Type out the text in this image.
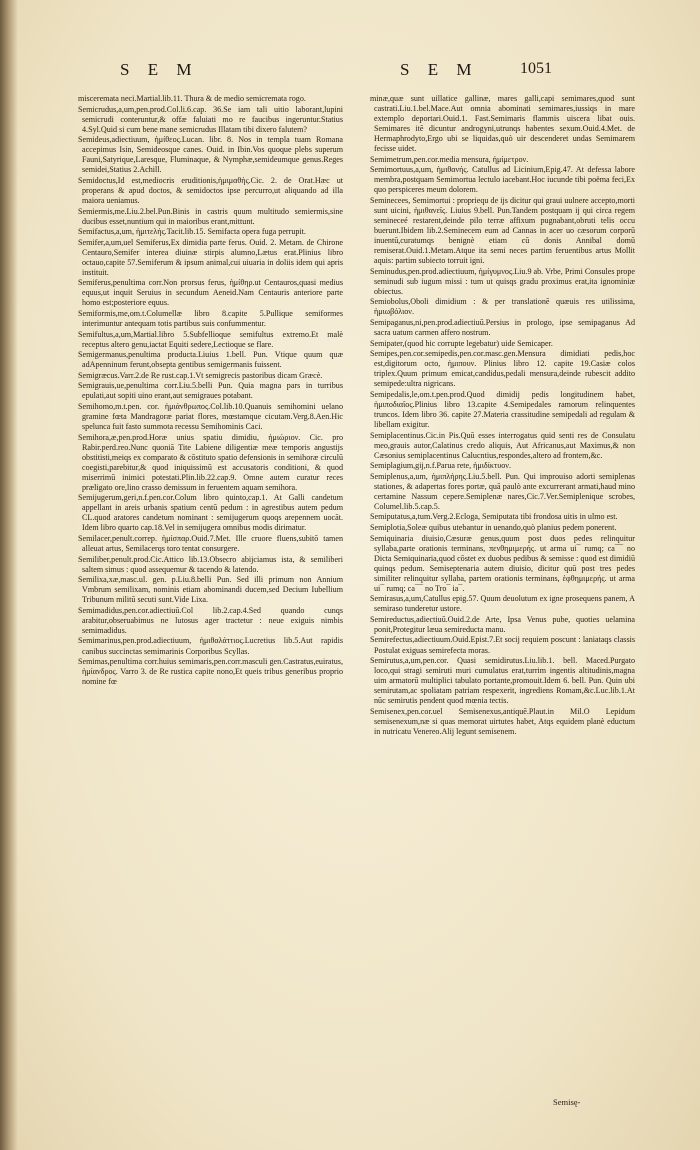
S E M	S E M	1051

misceremata neci.Martial.lib.11. Thura & de medio semicremata rogo.

Semicrudus,a,um,pen.prod.Col.li.6.cap. 36.Se iam tali uitio laborant,lupini semicrudi conteruntur,& offæ faluiati mo re faucibus ingeruntur.Statius 4.Syl.Quid si cum bene mane semicrudus Illatam tibi dixero falutem?

Semideus,adiectiuum, ἡμίθεος.Lucan. libr. 8. Nos in templa tuam Romana accepimus Isin, Semideosque canes. Ouid. in Ibin.Vos quoque plebs superum Fauni,Satyrique,Laresque, Fluminaque, & Nymphæ,semideumque genus.Reges semidei,Statius 2.Achill.

Semidoctus,Id est,mediocris eruditionis,ἡμιμαθής.Cic. 2. de Orat.Hæc ut properans & apud doctos, & semidoctos ipse percurro,ut aliquando ad illa maiora ueniamus.

Semiermis,me.Liu.2.bel.Pun.Binis in castris quum multitudo semiermis,sine ducibus esset,nuntium qui in maioribus erant,mittunt.

Semifactus,a,um, ἡμιτελής.Tacit.lib.15. Semifacta opera fuga perrupit.

Semifer,a,um,uel Semiferus,Ex dimidia parte ferus. Ouid. 2. Metam. de Chirone Centauro,Semifer interea diuinæ stirpis alumno,Lætus erat.Plinius libro octauo,capite 57.Semiferum & ipsum animal,cui uiuaria in doliis idem qui apris instituit.

Semiferus,penultima corr.Non prorsus ferus, ἡμίθηρ.ut Centauros,quasi medius equus,ut inquit Seruius in secundum Aeneid.Nam Centauris anteriore parte homo est;posteriore equus.

Semiformis,me,om.t.Columellæ libro 8.capite 5.Pullique semiformes interimuntur antequam totis partibus suis confummentur.

Semifultus,a,um,Martial.libro 5.Subfellioque semifultus extremo.Et malè receptus altero genu,iactat Equiti sedere,Lectioque se flare.

Semigermanus,penultima producta.Liuius 1.bell. Pun. Vtique quum quæ adApenninum ferunt,obsepta gentibus semigermanis fuissent.

Semigræcus.Varr.2.de Re rust.cap.1.Vt semigrecis pastoribus dicam Græcè.

Semigrauis,ue,penultima corr.Liu.5.belli Pun. Quia magna pars in turribus epulati,aut sopiti uino erant,aut semigraues potabant.

Semihomo,m.t.pen. cor. ἡμιάνθρωπος.Col.lib.10.Quanuis semihomini uelano gramine fœta Mandragoræ pariat flores, mœstamque cicutam.Verg.8.Aen.Hic spelunca fuit fasto summota recessu Semihominis Caci.

Semihora,æ,pen.prod.Horæ unius spatiu dimidiu, ἡμιώριον. Cic. pro Rabir.perd.reo.Nunc quoniā Tite Labiene diligentiæ meæ temporis angustijs obstitisti,meiqs ex comparato & cōstituto spatio defensionis in semihoræ circulū coegisti,parebitur,& quod iniquissimū est accusatoris conditioni, & quod miserrimū inimici potestati.Plin.lib.22.cap.9. Omne autem curatur reces præligato ore,lino crasso demissum in feruentem aquam semihora.

Semijugerum,geri,n.f.pen.cor.Colum libro quinto,cap.1. At Galli candetum appellant in areis urbanis spatium centū pedum : in agrestibus autem pedum CL.quod aratores candetum nominant : semijugerum quoqs arepennem uocāt. Idem libro quarto cap.18.Vel in semijugera omnibus modis dirimatur.

Semilacer,penult.correp. ἡμίσπαρ.Ouid.7.Met. Ille cruore fluens,subitō tamen alleuat artus, Semilacerqs toro tentat consurgere.

Semiliber,penult.prod.Cic.Attico lib.13.Obsecro abijciamus ista, & semiliberi saltem simus : quod assequemur & tacendo & latendo.

Semilixa,xæ,masc.ul. gen. p.Liu.8.belli Pun. Sed illi primum non Annium Vmbrum semilixam, nominis etiam abominandi ducem,sed Decium Iubellium Tribunum militū secuti sunt.Vide Lixa.

Semimadidus,pen.cor.adiectiuū.Col lib.2.cap.4.Sed quando cunqs arabitur,obseruabimus ne lutosus ager tractetur : neue exiguis nimbis semimadidus.

Semimarinus,pen.prod.adiectiuum, ἡμιθαλάττιος.Lucretius lib.5.Aut rapidis canibus succinctas semimarinis Corporibus Scyllas.

Semimas,penultima corr.huius semimaris,pen.corr.masculi gen.Castratus,euiratus, ἡμίανδρος. Varro 3. de Re rustica capite nono,Et queis tribus generibus proprio nomine fœ

minæ,quæ sunt uillatice gallinæ, mares galli,capi semimares,quod sunt castrati.Liu.1.bel.Mace.Aut omnia abominati semimares,iussiqs in mare extemplo deportari.Ouid.1. Fast.Semimaris flammis uiscera libat ouis. Semimares itē dicuntur androgyni,utrunqs habentes sexum.Ouid.4.Met. de Hermaphrodyto,Ergo ubi se liquidas,quò uir descenderet undas Semimarem fecisse uidet.

Semimetrum,pen.cor.media mensura, ἡμίμετρον.

Semimortuus,a,um, ἡμιθανής. Catullus ad Licinium,Epig.47. At defessa labore membra,postquam Semimortua lectulo iacebant.Hoc iucunde tibi poëma feci,Ex quo perspiceres meum dolorem.

Seminecees, Semimortui : propriequ de ijs dicitur qui graui uulnere accepto,morti sunt uicini, ἡμιθανεῖς. Liuius 9.bell. Pun.Tandem postquam ij qui circa regem semineceé restarent,deinde pilo terræ affixum pugnabant,obruti telis occu buerunt.Ibidem lib.2.Seminecem eum ad Cannas in acer uo cæsorum corporū inuentū,curatumqs benignè etiam cū donis Annibal domū remiserat.Ouid.1.Metam.Atque ita semi neces partim feruentibus artus Mollit aquis: partim subiecto torruit igni.

Seminudus,pen.prod.adiectiuum, ἡμίγυμνος.Liu.9 ab. Vrbe, Primi Consules prope seminudi sub iugum missi : tum ut quisqs gradu proximus erat,ita ignominiæ obiectus.

Semiobolus,Oboli dimidium : & per translationē quæuis res utilissima, ἡμιωβόλιον.

Semipaganus,ni,pen.prod.adiectiuū.Persius in prologo, ipse semipaganus Ad sacra uatum carmen affero nostrum.

Semipater,(quod hic corrupte legebatur) uide Semicaper.

Semipes,pen.cor.semipedis,pen.cor.masc.gen.Mensura dimidiati pedis,hoc est,digitorum octo, ἡμιπουν. Plinius libro 12. capite 19.Casiæ colos triplex.Quum primum emicat,candidus,pedali mensura,deinde rubescit addito semipede:ultra nigricans.

Semipedalis,le,om.t.pen.prod.Quod dimidij pedis longitudinem habet, ἡμιποδιαῖος.Plinius libro 13.capite 4.Semipedales ramorum relinquentes truncos. Idem libro 36. capite 27.Materia crassitudine semipedali ad regulam & libellam exigitur.

Semiplacentinus.Cic.in Pis.Quū esses interrogatus quid senti res de Consulatu meo,grauis autor,Calatinus credo aliquis, Aut Africanus,aut Maximus,& non Cæsonius semiplacentinus Calucntius,respondes,altero ad frontem,&c.

Semiplagium,gij,n.f.Parua rete, ἡμιδίκτυον.

Semiplenus,a,um, ἡμιπλήρης.Liu.5.bell. Pun. Qui improuiso adorti semiplenas stationes, & adapertas fores portæ, quā paulò ante excurrerant armati,haud mino certamine Nassum cepere.Semiplenæ nares,Cic.7.Ver.Semiplenique scrobes, Columel.lib.5.cap.5.

Semiputatus,a,tum.Verg.2.Ecloga, Semiputata tibi frondosa uitis in ulmo est.

Semiplotia,Soleæ quibus utebantur in uenando,quò planius pedem ponerent.

Semiquinaria diuisio,Cæsuræ genus,quum post duos pedes relinquitur syllaba,parte orationis terminans, πενθημιμερής. ut arma ui¯ rumq; ca¯¯ no Dicta Semiquinaria,quod cōstet ex duobus pedibus & semisse : quod est dimidiū quinqs pedum. Semiseptenaria autem diuisio, dicitur quū post tres pedes similiter relinquitur syllaba, partem orationis terminans, ἑφθημιμερής. ut arma ui¯ rumq; ca¯¯ no Tro¯ ia¯.

Semirasus,a,um,Catullus epig.57. Quum deuolutum ex igne prosequens panem, A semiraso tunderetur ustore.

Semireductus,adiectiuū.Ouid.2.de Arte, Ipsa Venus pube, quoties uelamina ponit,Protegitur læua semireducta manu.

Semirefectus,adiectiuum.Ouid.Epist.7.Et socij requiem poscunt : laniataqs classis Postulat exiguas semirefecta moras.

Semirutus,a,um,pen.cor. Quasi semidirutus.Liu.lib.1. bell. Maced.Purgato loco,qui stragi semiruti muri cumulatus erat,turrim ingentis altitudinis,magna uim armatorū multiplici tabulato portante,promouit.Idem 6. bell. Pun. Quin ubi semirutam,ac spoliatam patriam respexerit, ingrediens Romam,&c.Luc.lib.1.At nūc semirutis pendent quod mœnia tectis.

Semisenex,pen.cor.uel Semisenexus,antiquē.Plaut.in Mil.O Lepidum semisenexum,næ si quas memorat uirtutes habet, Atqs equidem planè eductum in nutricatu Venereo.Alij legunt semisenem.

Semisę-
